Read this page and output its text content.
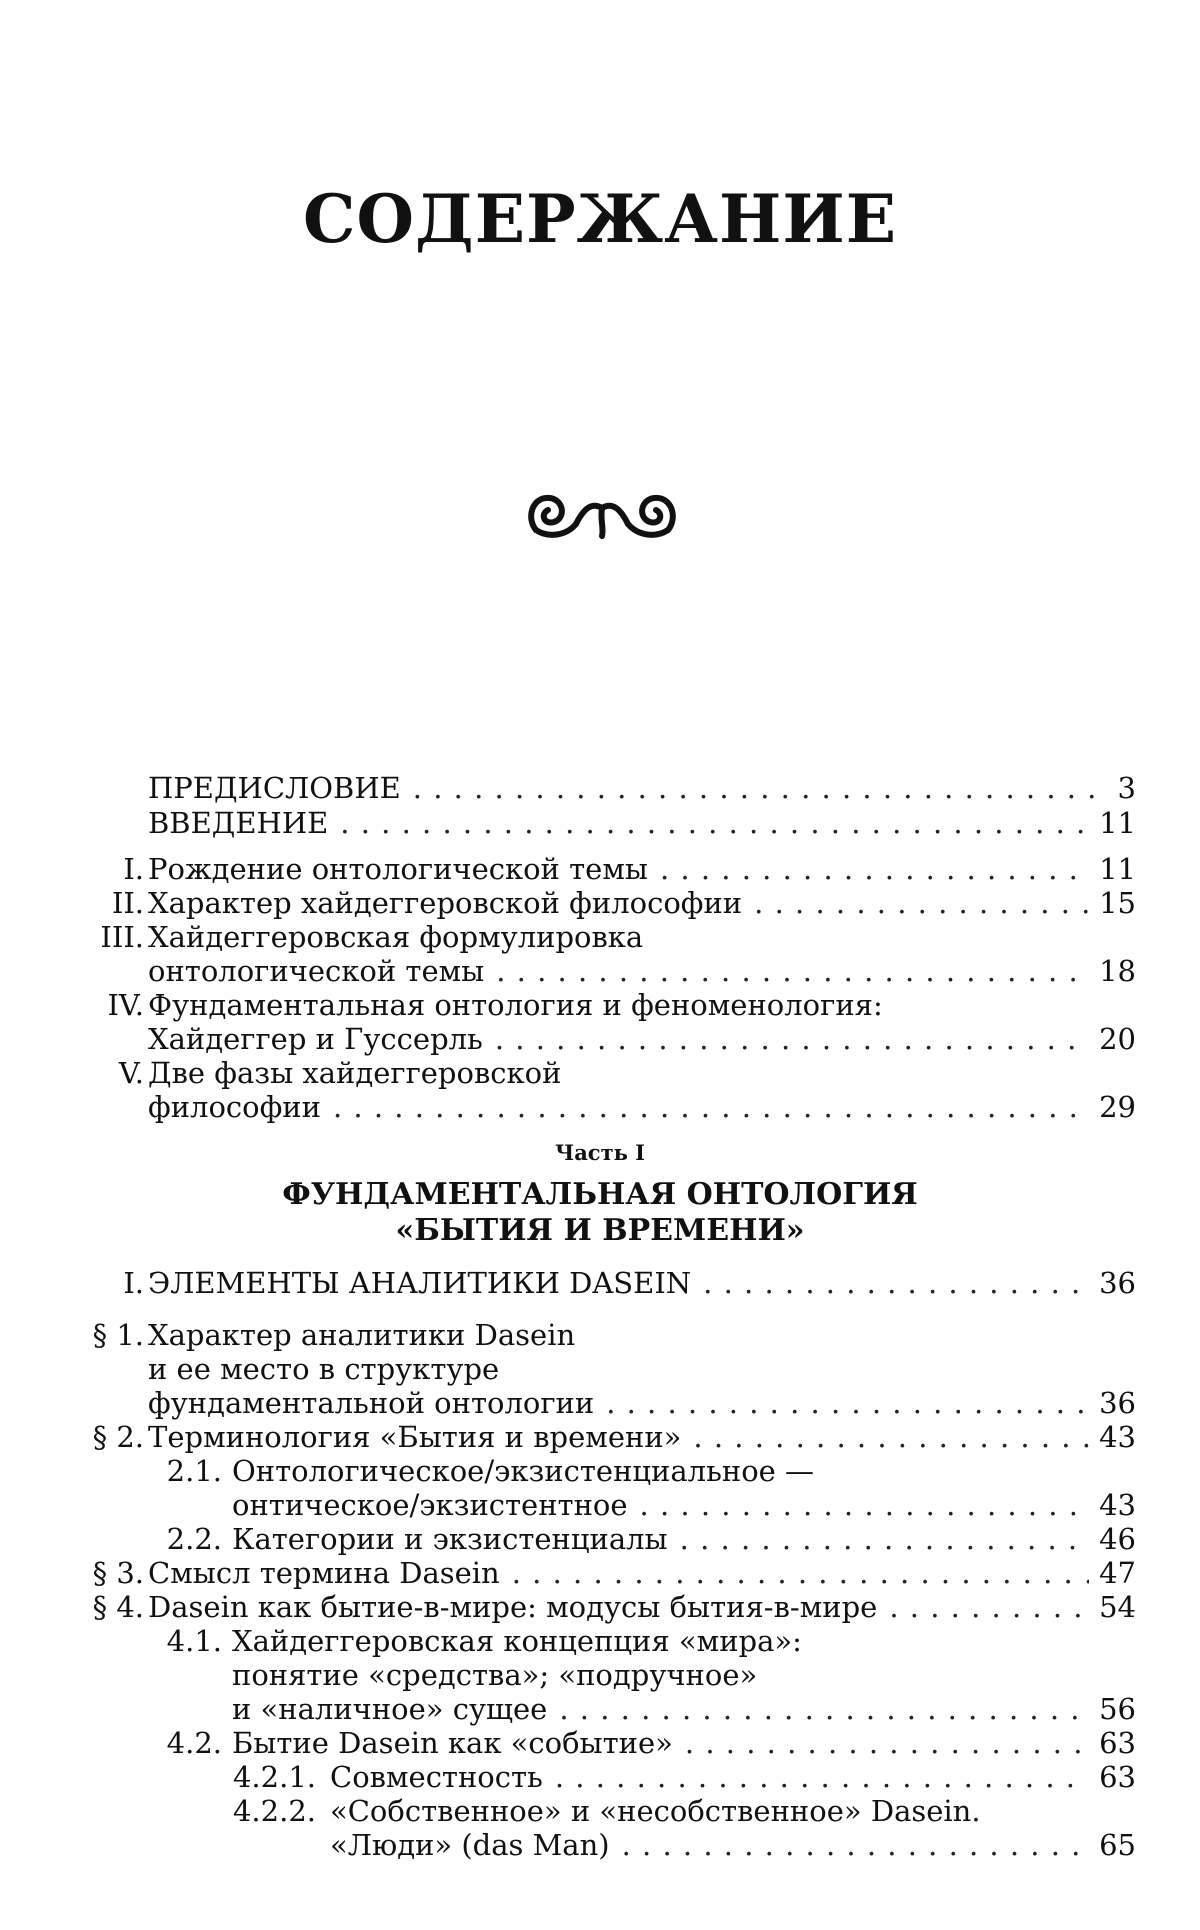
СОДЕРЖАНИЕ
ПРЕДИСЛОВИЕ . . .	3
ВВЕДЕНИЕ . . .	11
I. Рождение онтологической темы . . .	11
II. Характер хайдеггеровской философии . . .	15
III. Хайдеггеровская формулировка
онтологической темы . . .	18
IV. Фундаментальная онтология и феноменология:
Хайдеггер и Гуссерль . . .	20
V. Две фазы хайдеггеровской
философии . . .	29
Часть I
ФУНДАМЕНТАЛЬНАЯ ОНТОЛОГИЯ
«БЫТИЯ И ВРЕМЕНИ»
I. ЭЛЕМЕНТЫ АНАЛИТИКИ DASEIN . . .	36
§ 1. Характер аналитики Dasein
и ее место в структуре
фундаментальной онтологии . . .	36
§ 2. Терминология «Бытия и времени» . . .	43
2.1. Онтологическое/экзистенциальное —
онтическое/экзистентное . . .	43
2.2. Категории и экзистенциалы . . .	46
§ 3. Смысл термина Dasein . . .	47
§ 4. Dasein как бытие-в-мире: модусы бытия-в-мире . . .	54
4.1. Хайдеггеровская концепция «мира»:
понятие «средства»; «подручное»
и «наличное» сущее . . .	56
4.2. Бытие Dasein как «событие» . . .	63
4.2.1. Совместность . . .	63
4.2.2. «Собственное» и «несобственное» Dasein.
«Люди» (das Man) . . .	65
